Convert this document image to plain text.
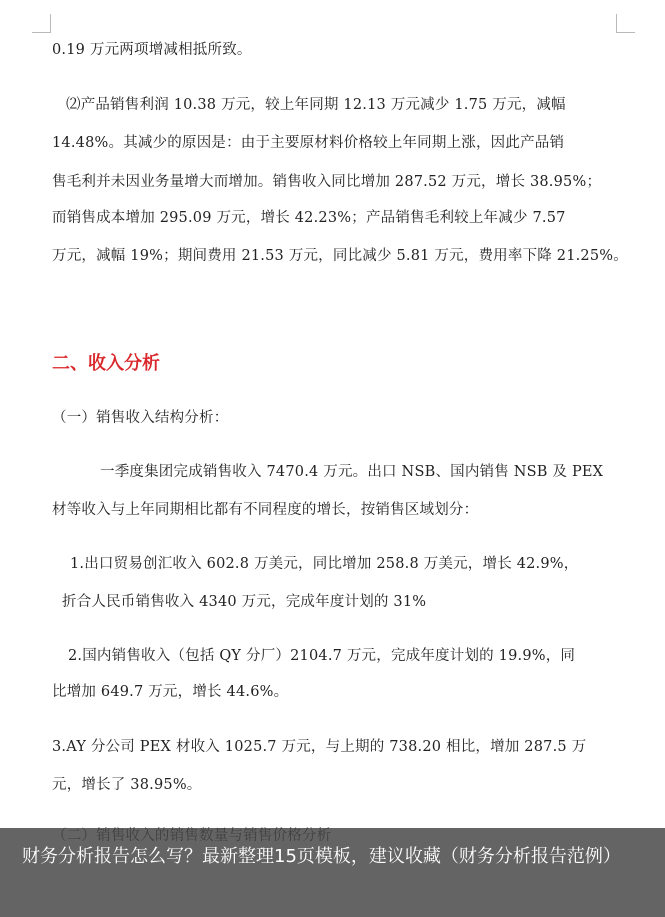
0.19 万元两项增减相抵所致。
⑵产品销售利润 10.38 万元，较上年同期 12.13 万元减少 1.75 万元，减幅
14.48%。其减少的原因是：由于主要原材料价格较上年同期上涨，因此产品销
售毛利并未因业务量增大而增加。销售收入同比增加 287.52 万元，增长 38.95%；
而销售成本增加 295.09 万元，增长 42.23%；产品销售毛利较上年减少 7.57
万元，减幅 19%；期间费用 21.53 万元，同比减少 5.81 万元，费用率下降 21.25%。
二、收入分析
（一）销售收入结构分析：
一季度集团完成销售收入 7470.4 万元。出口 NSB、国内销售 NSB 及 PEX
材等收入与上年同期相比都有不同程度的增长，按销售区域划分：
1.出口贸易创汇收入 602.8 万美元，同比增加 258.8 万美元，增长 42.9%，
折合人民币销售收入 4340 万元，完成年度计划的 31%
2.国内销售收入（包括 QY 分厂）2104.7 万元，完成年度计划的 19.9%，同
比增加 649.7 万元，增长 44.6%。
3.AY 分公司 PEX 材收入 1025.7 万元，与上期的 738.20 相比，增加 287.5 万
元，增长了 38.95%。
财务分析报告怎么写？最新整理15页模板，建议收藏（财务分析报告范例）
